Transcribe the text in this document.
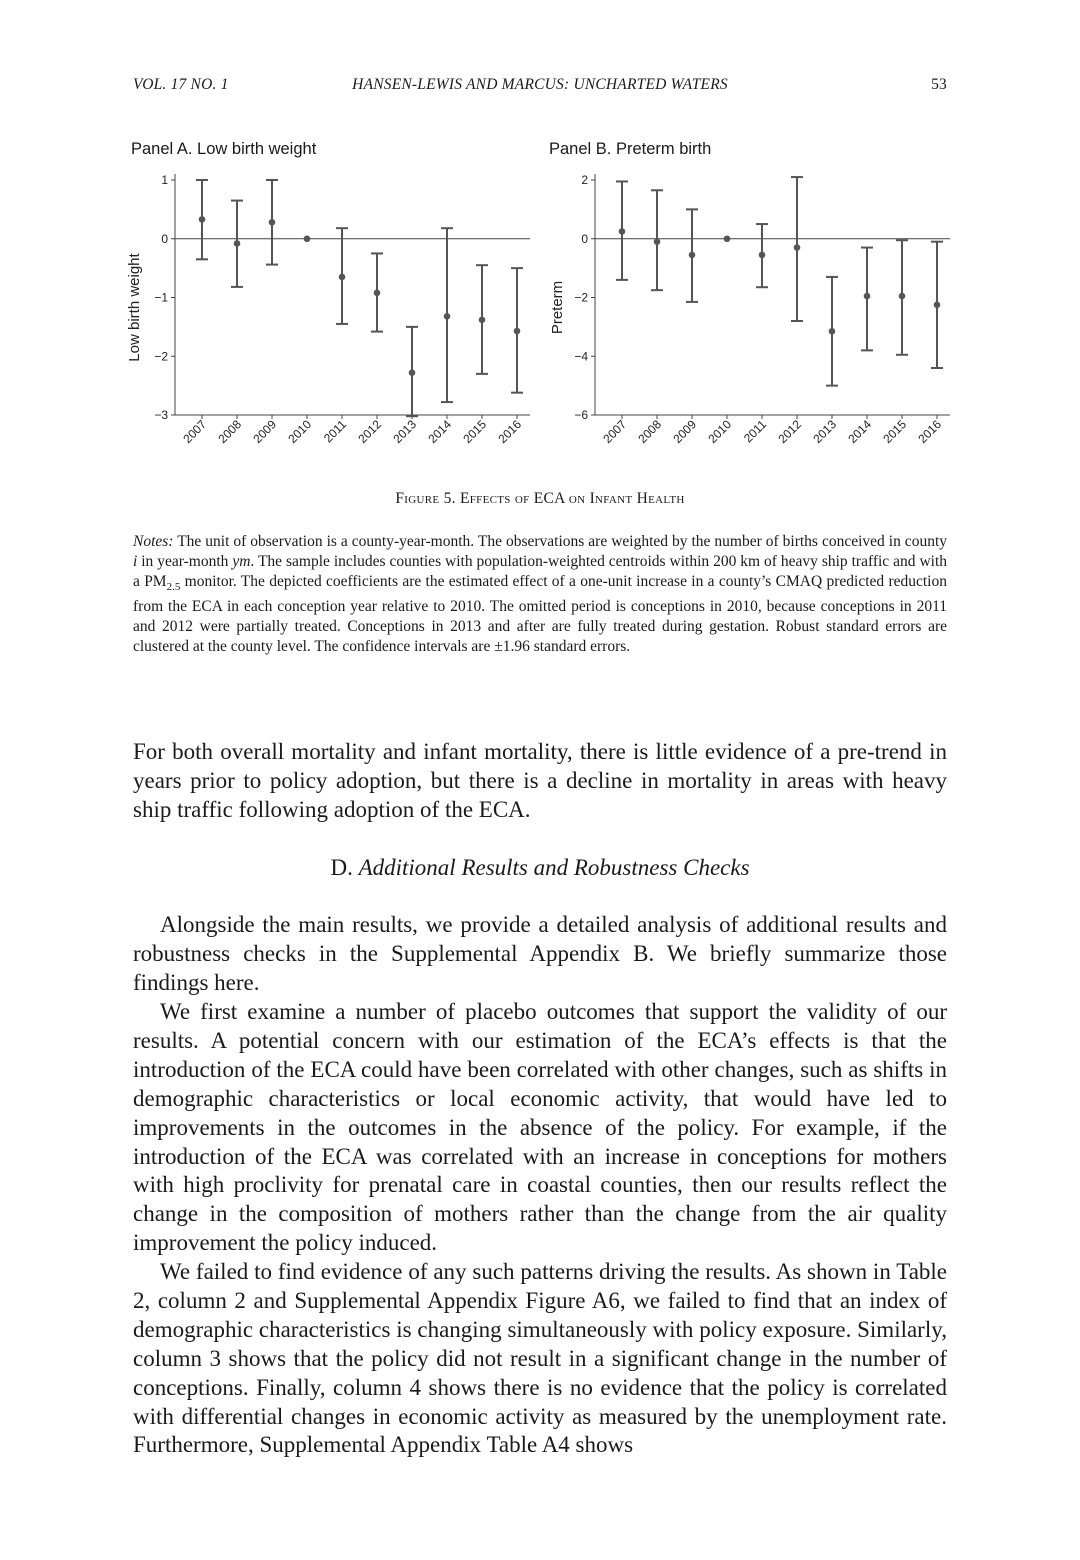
VOL. 17 NO. 1	HANSEN-LEWIS AND MARCUS: UNCHARTED WATERS	53
Panel A. Low birth weight	Panel B. Preterm birth
1
0
−1
−2
−3
Low birth weight
2007 2008 2009 2010 2011 2012 2013 2014 2015 2016
2
0
−2
−4
−6
Preterm
2007 2008 2009 2010 2011 2012 2013 2014 2015 2016
Figure 5. Effects of ECA on Infant Health
Notes: The unit of observation is a county-year-month. The observations are weighted by the number of births conceived in county i in year-month ym. The sample includes counties with population-weighted centroids within 200 km of heavy ship traffic and with a $PM_{2.5}$ monitor. The depicted coefficients are the estimated effect of a one-unit increase in a county’s CMAQ predicted reduction from the ECA in each conception year relative to 2010. The omitted period is conceptions in 2010, because conceptions in 2011 and 2012 were partially treated. Conceptions in 2013 and after are fully treated during gestation. Robust standard errors are clustered at the county level. The confidence intervals are ±1.96 standard errors.
For both overall mortality and infant mortality, there is little evidence of a pre-trend in years prior to policy adoption, but there is a decline in mortality in areas with heavy ship traffic following adoption of the ECA.
D. Additional Results and Robustness Checks
Alongside the main results, we provide a detailed analysis of additional results and robustness checks in the Supplemental Appendix B. We briefly summarize those findings here.
We first examine a number of placebo outcomes that support the validity of our results. A potential concern with our estimation of the ECA’s effects is that the introduction of the ECA could have been correlated with other changes, such as shifts in demographic characteristics or local economic activity, that would have led to improvements in the outcomes in the absence of the policy. For example, if the introduction of the ECA was correlated with an increase in conceptions for mothers with high proclivity for prenatal care in coastal counties, then our results reflect the change in the composition of mothers rather than the change from the air quality improvement the policy induced.
We failed to find evidence of any such patterns driving the results. As shown in Table 2, column 2 and Supplemental Appendix Figure A6, we failed to find that an index of demographic characteristics is changing simultaneously with policy exposure. Similarly, column 3 shows that the policy did not result in a significant change in the number of conceptions. Finally, column 4 shows there is no evidence that the policy is correlated with differential changes in economic activity as measured by the unemployment rate. Furthermore, Supplemental Appendix Table A4 shows
